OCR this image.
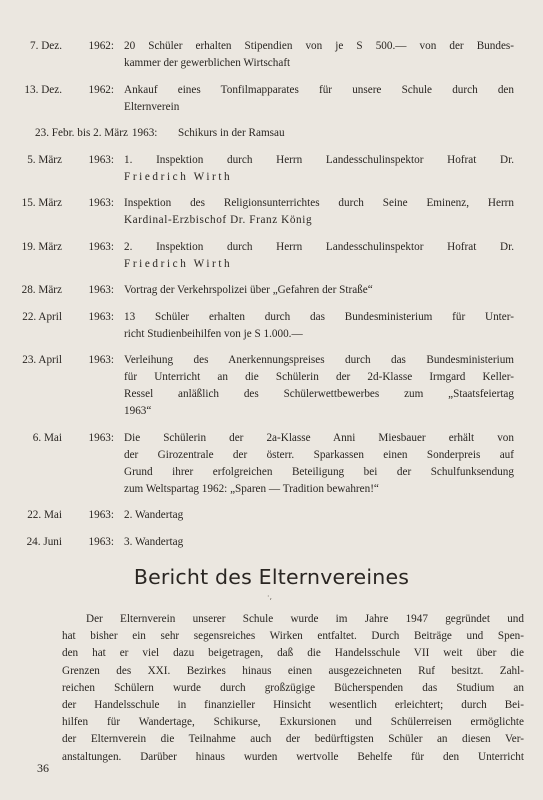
7. Dez.	1962: 20 Schüler erhalten Stipendien von je S 500.— von der Bundes-
kammer der gewerblichen Wirtschaft
13. Dez.	1962: Ankauf eines Tonfilmapparates für unsere Schule durch den
Elternverein
23. Febr. bis 2. März 1963: Schikurs in der Ramsau
5. März	1963: 1. Inspektion durch Herrn Landesschulinspektor Hofrat Dr.
Friedrich Wirth
15. März	1963: Inspektion des Religionsunterrichtes durch Seine Eminenz, Herrn
Kardinal-Erzbischof Dr. Franz König
19. März	1963: 2. Inspektion durch Herrn Landesschulinspektor Hofrat Dr.
Friedrich Wirth
28. März	1963: Vortrag der Verkehrspolizei über „Gefahren der Straße“
22. April	1963: 13 Schüler erhalten durch das Bundesministerium für Unter-
richt Studienbeihilfen von je S 1.000.—
23. April	1963: Verleihung des Anerkennungspreises durch das Bundesministerium
für Unterricht an die Schülerin der 2d-Klasse Irmgard Keller-
Ressel anläßlich des Schülerwettbewerbes zum „Staatsfeiertag
1963“
6. Mai	1963: Die Schülerin der 2a-Klasse Anni Miesbauer erhält von
der Girozentrale der österr. Sparkassen einen Sonderpreis auf
Grund ihrer erfolgreichen Beteiligung bei der Schulfunksendung
zum Weltspartag 1962: „Sparen — Tradition bewahren!“
22. Mai	1963: 2. Wandertag
24. Juni	1963: 3. Wandertag
Bericht des Elternvereines
·,
Der Elternverein unserer Schule wurde im Jahre 1947 gegründet und
hat bisher ein sehr segensreiches Wirken entfaltet. Durch Beiträge und Spen-
den hat er viel dazu beigetragen, daß die Handelsschule VII weit über die
Grenzen des XXI. Bezirkes hinaus einen ausgezeichneten Ruf besitzt. Zahl-
reichen Schülern wurde durch großzügige Bücherspenden das Studium an
der Handelsschule in finanzieller Hinsicht wesentlich erleichtert; durch Bei-
hilfen für Wandertage, Schikurse, Exkursionen und Schülerreisen ermöglichte
der Elternverein die Teilnahme auch der bedürftigsten Schüler an diesen Ver-
anstaltungen. Darüber hinaus wurden wertvolle Behelfe für den Unterricht
36
